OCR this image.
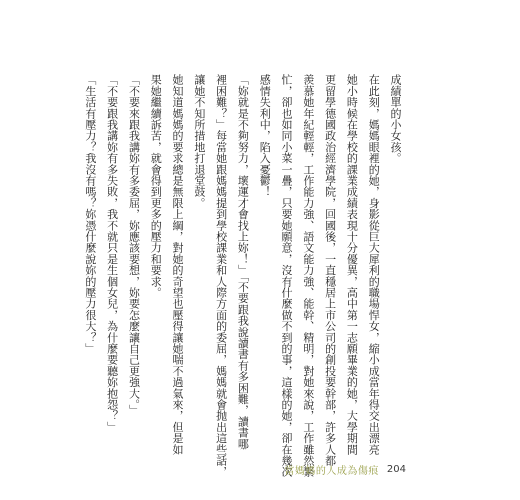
成績單的小女孩。

在此刻，媽媽眼裡的她，身影從巨大犀利的職場悍女，縮小成當年得交出漂亮

她小時候在學校的課業成績表現十分優異，高中第一志願畢業的她，大學期間

更留學德國政治經濟學院，回國後，一直穩居上市公司的創投要幹部，許多人都

羨慕她年紀輕輕，工作能力強、語文能力強、能幹、精明，對她來說，工作雖然繁

忙，卻也如同小菜一疊，只要她願意，沒有什麼做不到的事，這樣的她，卻在幾次

感情失利中，陷入憂鬱！

「妳就是不夠努力，壞運才會找上妳！」「不要跟我說讀書有多困難，讀書哪

裡困難？」每當她跟媽媽提到學校課業和人際方面的委屈，媽媽就會抛出這些話，

讓她不知所措地打退堂鼓。

她知道媽媽的要求總是無限上綱，對她的奇望也壓得讓她喘不過氣來，但是如

果她繼續訴苦，就會得到更多的壓力和要求。

「不要來跟我講妳有多委屈，妳應該要想，妳要怎麼讓自己更強大。」

「不要跟我講妳有多失敗，我不就只是生個女兒，為什麼要聽妳抱怨？」

「生活有壓力？我沒有嗎？妳憑什麼說妳的壓力很大？」

當媽媽的人成為傷痕 204
